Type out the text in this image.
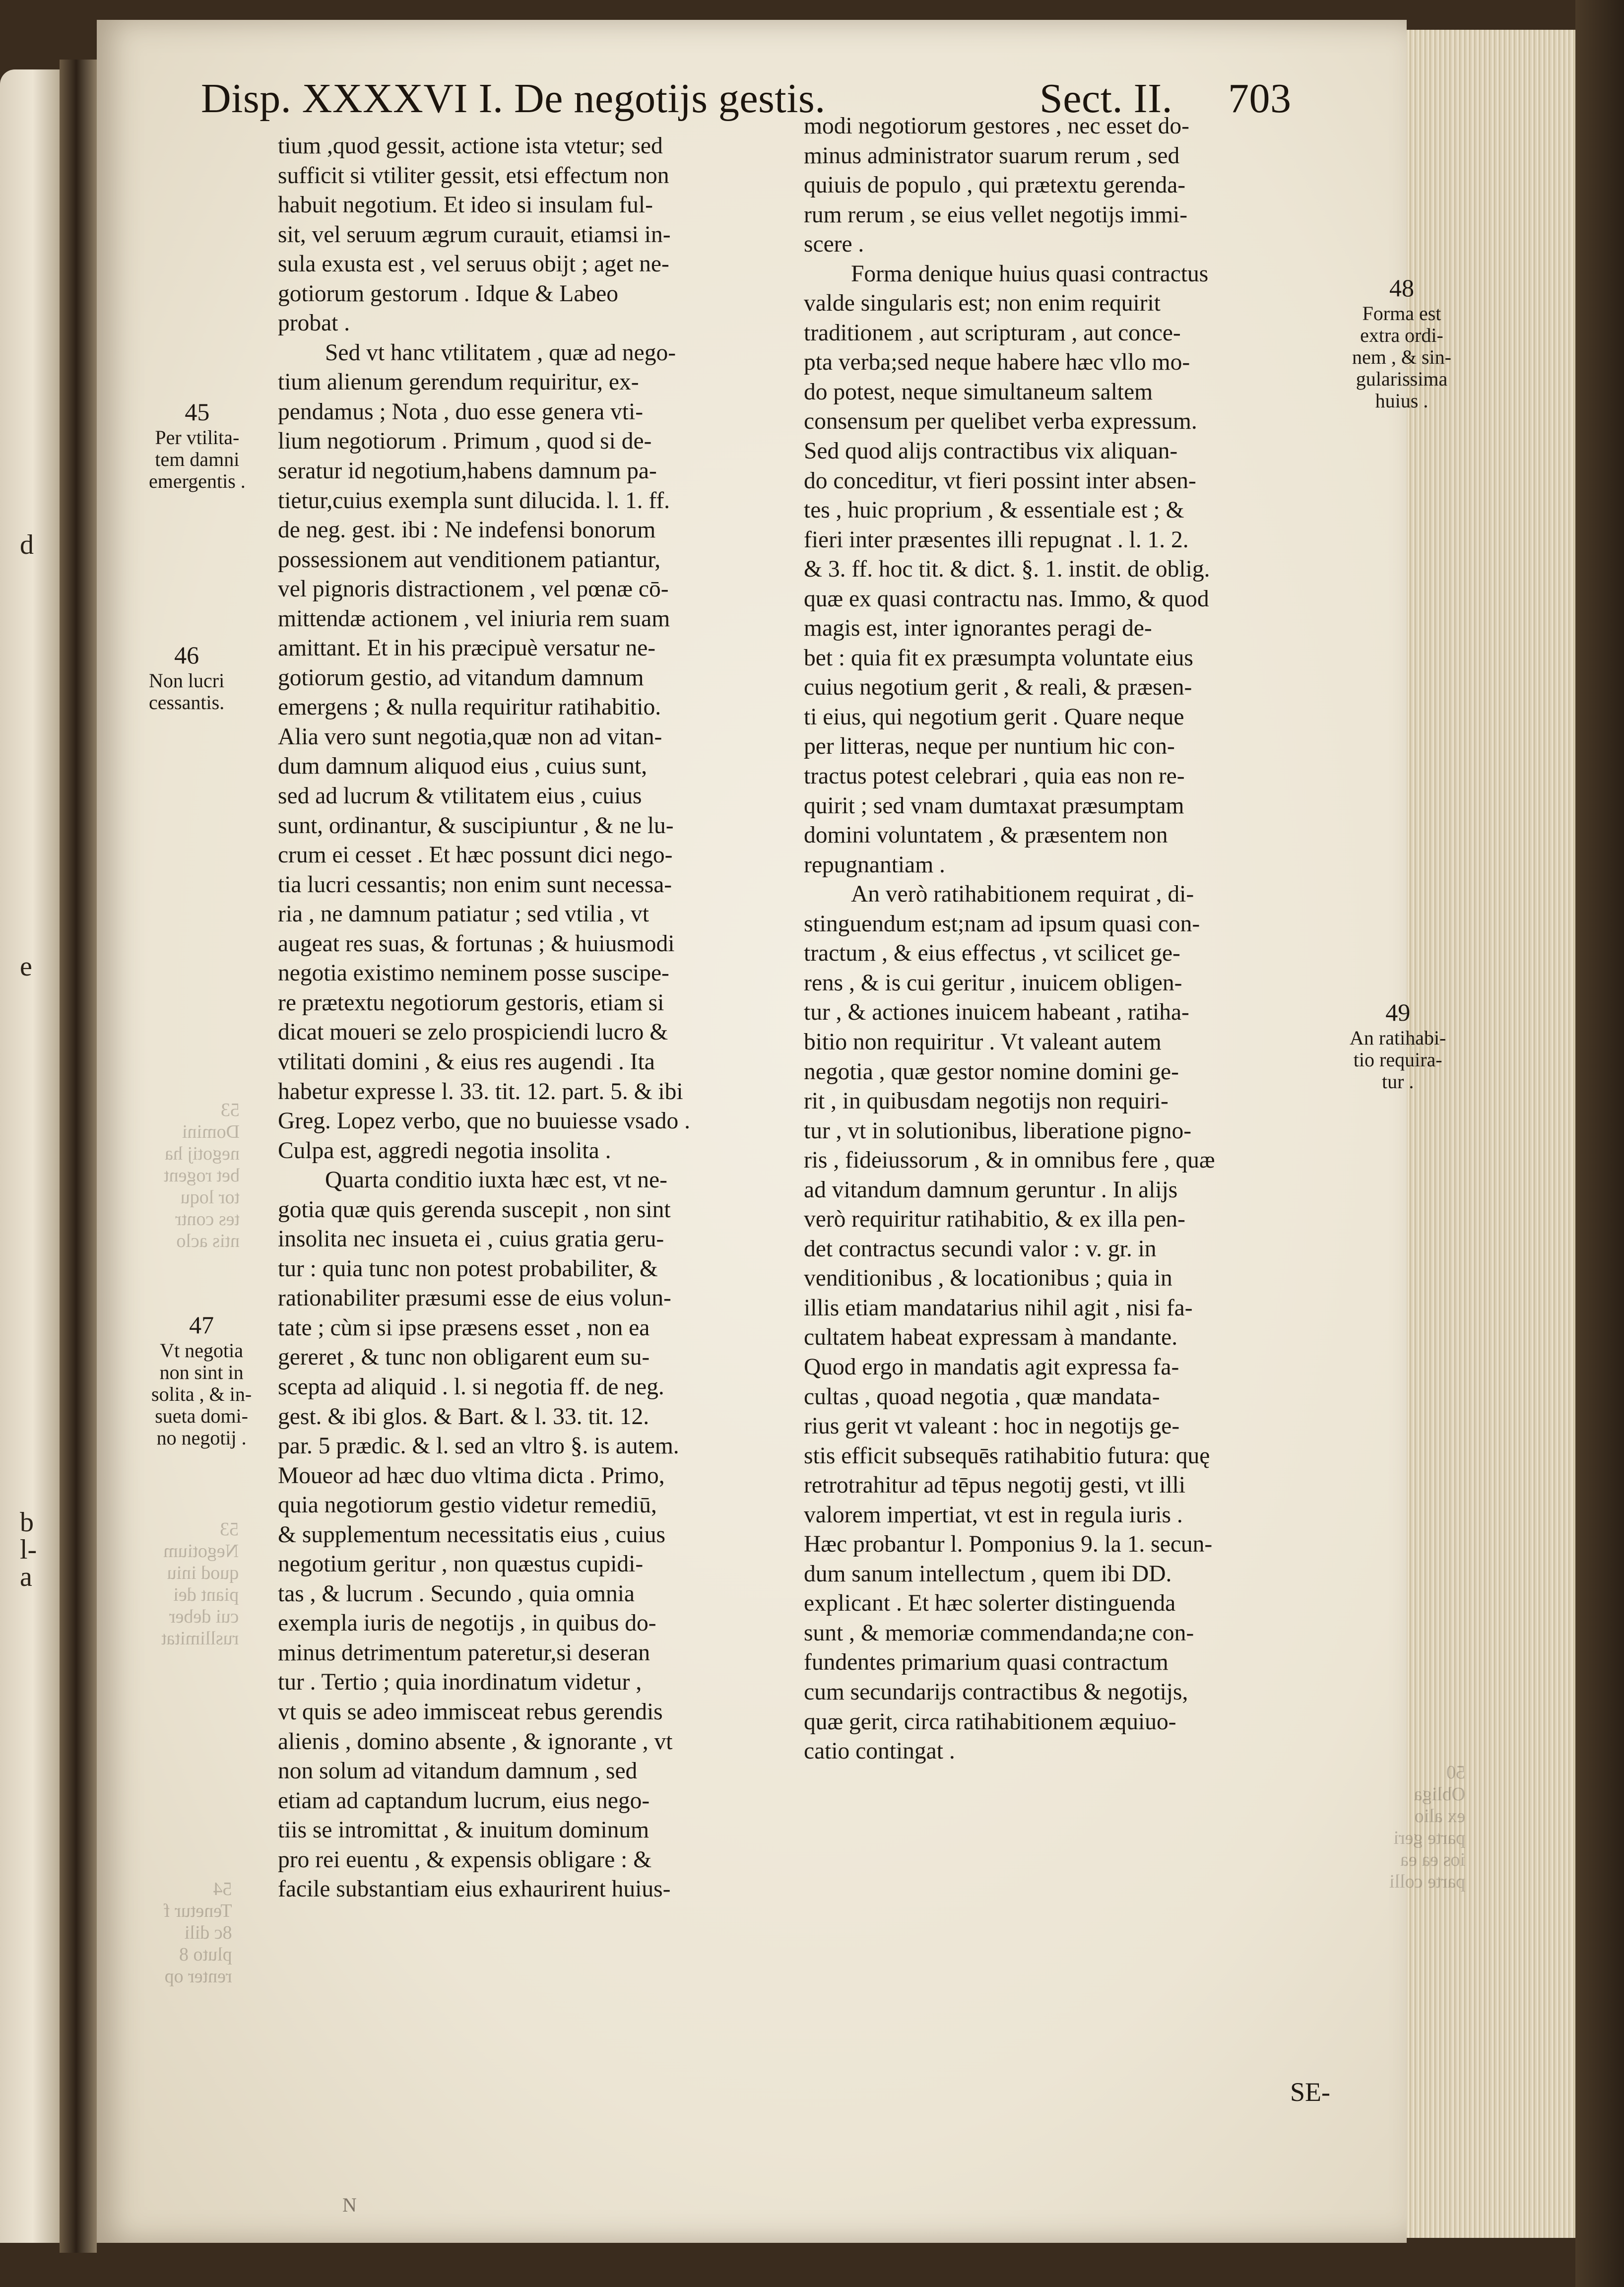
d
e
b
l-
a
Disp. XXXXVI I. De negotijs gestis.	Sect. II. 703
tium ,quod gessit, actione ista vtetur; sed
sufficit si vtiliter gessit, etsi effectum non
habuit negotium. Et ideo si insulam ful-
sit, vel seruum ægrum curauit, etiamsi in-
sula exusta est , vel seruus obijt ; aget ne-
gotiorum gestorum . Idque & Labeo
probat .
Sed vt hanc vtilitatem , quæ ad nego-
tium alienum gerendum requiritur, ex-
pendamus ; Nota , duo esse genera vti-
lium negotiorum . Primum , quod si de-
seratur id negotium,habens damnum pa-
tietur,cuius exempla sunt dilucida. l. 1. ff.
de neg. gest. ibi : Ne indefensi bonorum
possessionem aut venditionem patiantur,
vel pignoris distractionem , vel pœnæ cō-
mittendæ actionem , vel iniuria rem suam
amittant. Et in his præcipuè versatur ne-
gotiorum gestio, ad vitandum damnum
emergens ; & nulla requiritur ratihabitio.
Alia vero sunt negotia,quæ non ad vitan-
dum damnum aliquod eius , cuius sunt,
sed ad lucrum & vtilitatem eius , cuius
sunt, ordinantur, & suscipiuntur , & ne lu-
crum ei cesset . Et hæc possunt dici nego-
tia lucri cessantis; non enim sunt necessa-
ria , ne damnum patiatur ; sed vtilia , vt
augeat res suas, & fortunas ; & huiusmodi
negotia existimo neminem posse suscipe-
re prætextu negotiorum gestoris, etiam si
dicat moueri se zelo prospiciendi lucro &
vtilitati domini , & eius res augendi . Ita
habetur expresse l. 33. tit. 12. part. 5. & ibi
Greg. Lopez verbo, que no buuiesse vsado .
Culpa est, aggredi negotia insolita .
Quarta conditio iuxta hæc est, vt ne-
gotia quæ quis gerenda suscepit , non sint
insolita nec insueta ei , cuius gratia geru-
tur : quia tunc non potest probabiliter, &
rationabiliter præsumi esse de eius volun-
tate ; cùm si ipse præsens esset , non ea
gereret , & tunc non obligarent eum su-
scepta ad aliquid . l. si negotia ff. de neg.
gest. & ibi glos. & Bart. & l. 33. tit. 12.
par. 5 prædic. & l. sed an vltro §. is autem.
Moueor ad hæc duo vltima dicta . Primo,
quia negotiorum gestio videtur remediū,
& supplementum necessitatis eius , cuius
negotium geritur , non quæstus cupidi-
tas , & lucrum . Secundo , quia omnia
exempla iuris de negotijs , in quibus do-
minus detrimentum pateretur,si deseran
tur . Tertio ; quia inordinatum videtur ,
vt quis se adeo immisceat rebus gerendis
alienis , domino absente , & ignorante , vt
non solum ad vitandum damnum , sed
etiam ad captandum lucrum, eius nego-
tiis se intromittat , & inuitum dominum
pro rei euentu , & expensis obligare : &
facile substantiam eius exhaurirent huius-
modi negotiorum gestores , nec esset do-
minus administrator suarum rerum , sed
quiuis de populo , qui prætextu gerenda-
rum rerum , se eius vellet negotijs immi-
scere .
Forma denique huius quasi contractus
valde singularis est; non enim requirit
traditionem , aut scripturam , aut conce-
pta verba;sed neque habere hæc vllo mo-
do potest, neque simultaneum saltem
consensum per quelibet verba expressum.
Sed quod alijs contractibus vix aliquan-
do conceditur, vt fieri possint inter absen-
tes , huic proprium , & essentiale est ; &
fieri inter præsentes illi repugnat . l. 1. 2.
& 3. ff. hoc tit. & dict. §. 1. instit. de oblig.
quæ ex quasi contractu nas. Immo, & quod
magis est, inter ignorantes peragi de-
bet : quia fit ex præsumpta voluntate eius
cuius negotium gerit , & reali, & præsen-
ti eius, qui negotium gerit . Quare neque
per litteras, neque per nuntium hic con-
tractus potest celebrari , quia eas non re-
quirit ; sed vnam dumtaxat præsumptam
domini voluntatem , & præsentem non
repugnantiam .
An verò ratihabitionem requirat , di-
stinguendum est;nam ad ipsum quasi con-
tractum , & eius effectus , vt scilicet ge-
rens , & is cui geritur , inuicem obligen-
tur , & actiones inuicem habeant , ratiha-
bitio non requiritur . Vt valeant autem
negotia , quæ gestor nomine domini ge-
rit , in quibusdam negotijs non requiri-
tur , vt in solutionibus, liberatione pigno-
ris , fideiussorum , & in omnibus fere , quæ
ad vitandum damnum geruntur . In alijs
verò requiritur ratihabitio, & ex illa pen-
det contractus secundi valor : v. gr. in
venditionibus , & locationibus ; quia in
illis etiam mandatarius nihil agit , nisi fa-
cultatem habeat expressam à mandante.
Quod ergo in mandatis agit expressa fa-
cultas , quoad negotia , quæ mandata-
rius gerit vt valeant : hoc in negotijs ge-
stis efficit subsequēs ratihabitio futura: quę
retrotrahitur ad tēpus negotij gesti, vt illi
valorem impertiat, vt est in regula iuris .
Hæc probantur l. Pomponius 9. la 1. secun-
dum sanum intellectum , quem ibi DD.
explicant . Et hæc solerter distinguenda
sunt , & memoriæ commendanda;ne con-
fundentes primarium quasi contractum
cum secundarijs contractibus & negotijs,
quæ gerit, circa ratihabitionem æquiuo-
catio contingat .
45
Per vtilita-
tem damni
emergentis .
46
Non lucri
cessantis.
47
Vt negotia
non sint in
solita , & in-
sueta domi-
no negotij .
48
Forma est
extra ordi-
nem , & sin-
gularissima
huius .
49
An ratihabi-
tio requira-
tur .
53
Domini
negotij ha
bet rogent
tor loqu
tes contr
ntis aclo
53
Negotium
quod iniu
piant dei
cui deber
rusllimitat
54
Tenetur f
8c dili
pluto 8
renter op
50
Obliga
ex alio
parte geri
ios ea ea
parte colli
SE-
N
